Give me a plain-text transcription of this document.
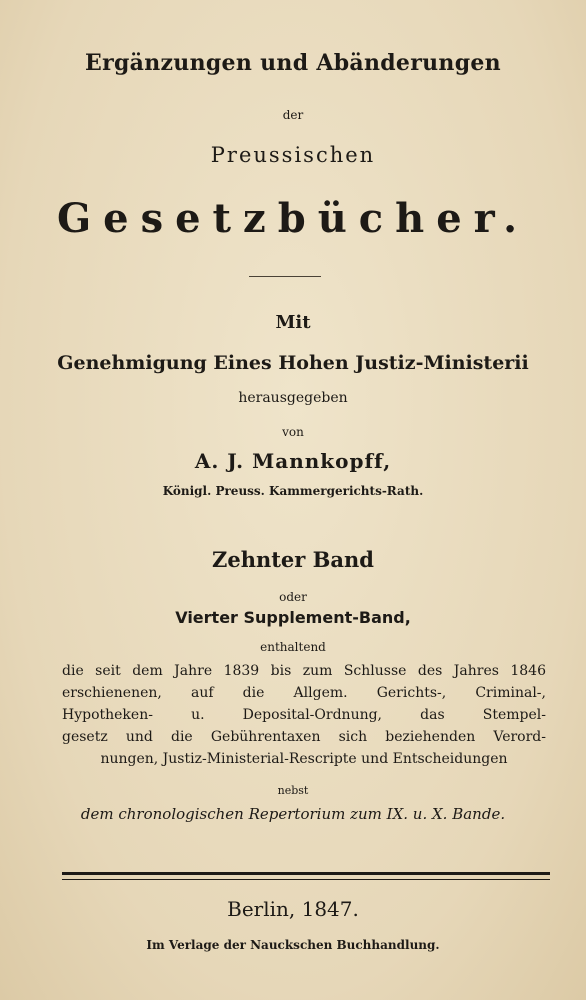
Ergänzungen und Abänderungen
der
Preussischen
Gesetzbücher.
Mit
Genehmigung Eines Hohen Justiz-Ministerii
herausgegeben
von
A. J. Mannkopff,
Königl. Preuss. Kammergerichts-Rath.
Zehnter Band
oder
Vierter Supplement-Band,
enthaltend
die seit dem Jahre 1839 bis zum Schlusse des Jahres 1846
erschienenen, auf die Allgem. Gerichts-, Criminal-,
Hypotheken- u. Deposital-Ordnung, das Stempel-
gesetz und die Gebührentaxen sich beziehenden Verord-
nungen, Justiz-Ministerial-Rescripte und Entscheidungen
nebst
dem chronologischen Repertorium zum IX. u. X. Bande.
Berlin, 1847.
Im Verlage der Nauckschen Buchhandlung.
